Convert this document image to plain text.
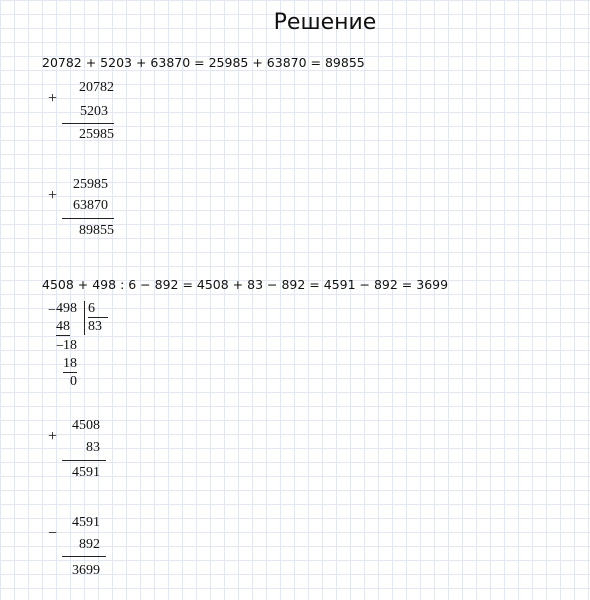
Решение
20782 + 5203 + 63870 = 25985 + 63870 = 89855
+
20782
5203
25985
+
25985
63870
89855
4508 + 498 : 6 − 892 = 4508 + 83 − 892 = 4591 − 892 = 3699
− 498 6
83
48
− 18
18
0
+
4508
83
4591
−
4591
892
3699
